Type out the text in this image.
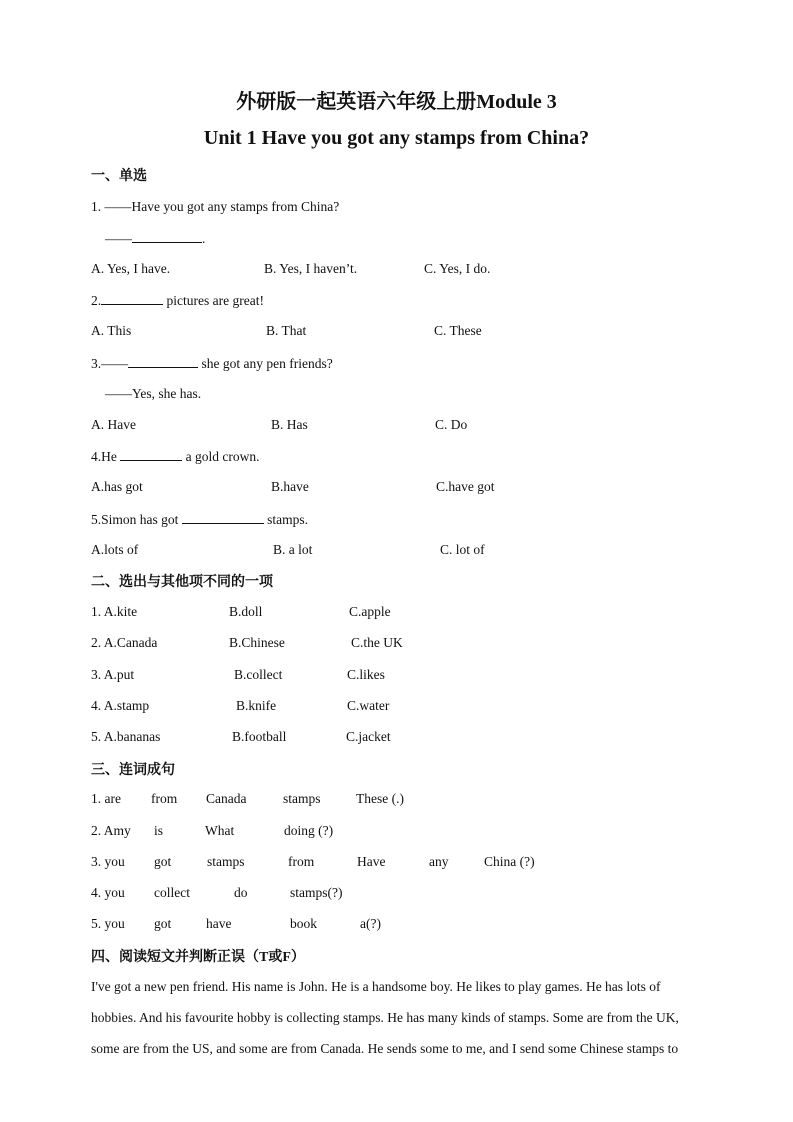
外研版一起英语六年级上册Module 3
Unit 1 Have you got any stamps from China?
一、单选
1. ——Have you got any stamps from China?
——	.
A. Yes, I have.	B. Yes, I haven’t.	C. Yes, I do.
2.	pictures are great!
A. This	B. That	C. These
3.——	she got any pen friends?
——Yes, she has.
A. Have	B. Has	C. Do
4.He	a gold crown.
A.has got	B.have	C.have got
5.Simon has got	stamps.
A.lots of	B. a lot	C. lot of
二、选出与其他项不同的一项
1. A.kite	B.doll	C.apple
2. A.Canada	B.Chinese	C.the UK
3. A.put	B.collect	C.likes
4. A.stamp	B.knife	C.water
5. A.bananas	B.football	C.jacket
三、连词成句
1. are from Canada	stamps	These (.)
2. Amy is	What	doing (?)
3. you got	stamps	from	Have	any	China (?)
4. you collect	do	stamps(?)
5. you got	have	book	a(?)
四、阅读短文并判断正误（T或F）
I've got a new pen friend. His name is John. He is a handsome boy. He likes to play games. He has lots of
hobbies. And his favourite hobby is collecting stamps. He has many kinds of stamps. Some are from the UK,
some are from the US, and some are from Canada. He sends some to me, and I send some Chinese stamps to
